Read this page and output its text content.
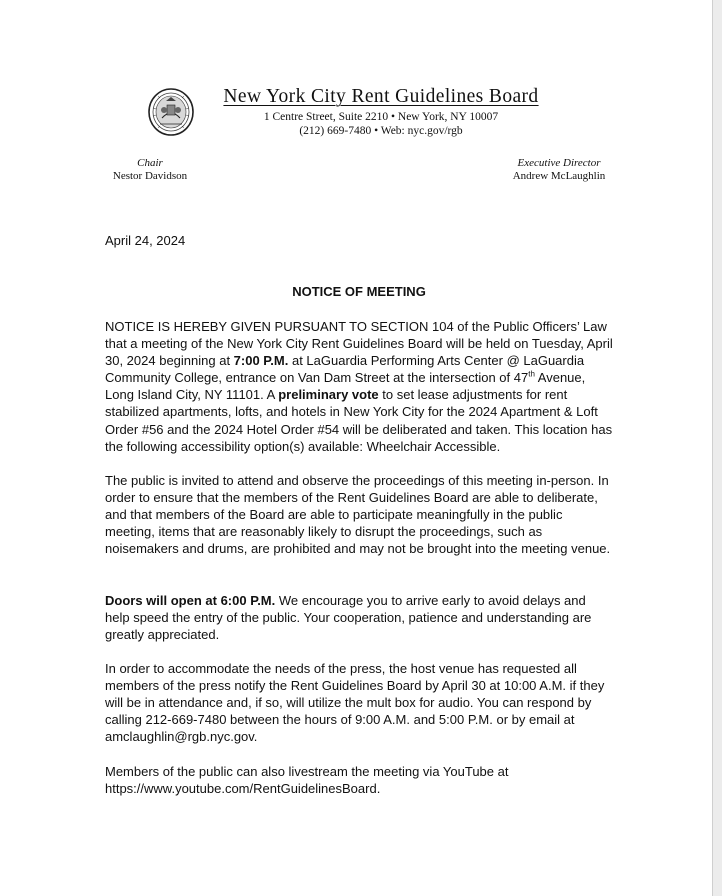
New York City Rent Guidelines Board

1 Centre Street, Suite 2210 • New York, NY 10007

(212) 669-7480 • Web: nyc.gov/rgb

Chair
Nestor Davidson
Executive Director
Andrew McLaughlin
April 24, 2024
NOTICE OF MEETING

NOTICE IS HEREBY GIVEN PURSUANT TO SECTION 104 of the Public Officers’ Law that a meeting of the New York City Rent Guidelines Board will be held on Tuesday, April 30, 2024 beginning at 7:00 P.M. at LaGuardia Performing Arts Center @ LaGuardia Community College, entrance on Van Dam Street at the intersection of 47th Avenue, Long Island City, NY 11101. A preliminary vote to set lease adjustments for rent stabilized apartments, lofts, and hotels in New York City for the 2024 Apartment & Loft Order #56 and the 2024 Hotel Order #54 will be deliberated and taken. This location has the following accessibility option(s) available: Wheelchair Accessible.

The public is invited to attend and observe the proceedings of this meeting in-person. In order to ensure that the members of the Rent Guidelines Board are able to deliberate, and that members of the Board are able to participate meaningfully in the public meeting, items that are reasonably likely to disrupt the proceedings, such as noisemakers and drums, are prohibited and may not be brought into the meeting venue.

Doors will open at 6:00 P.M. We encourage you to arrive early to avoid delays and help speed the entry of the public. Your cooperation, patience and understanding are greatly appreciated.

In order to accommodate the needs of the press, the host venue has requested all members of the press notify the Rent Guidelines Board by April 30 at 10:00 A.M. if they will be in attendance and, if so, will utilize the mult box for audio. You can respond by calling 212-669-7480 between the hours of 9:00 A.M. and 5:00 P.M. or by email at amclaughlin@rgb.nyc.gov.

Members of the public can also livestream the meeting via YouTube at https://www.youtube.com/RentGuidelinesBoard.
